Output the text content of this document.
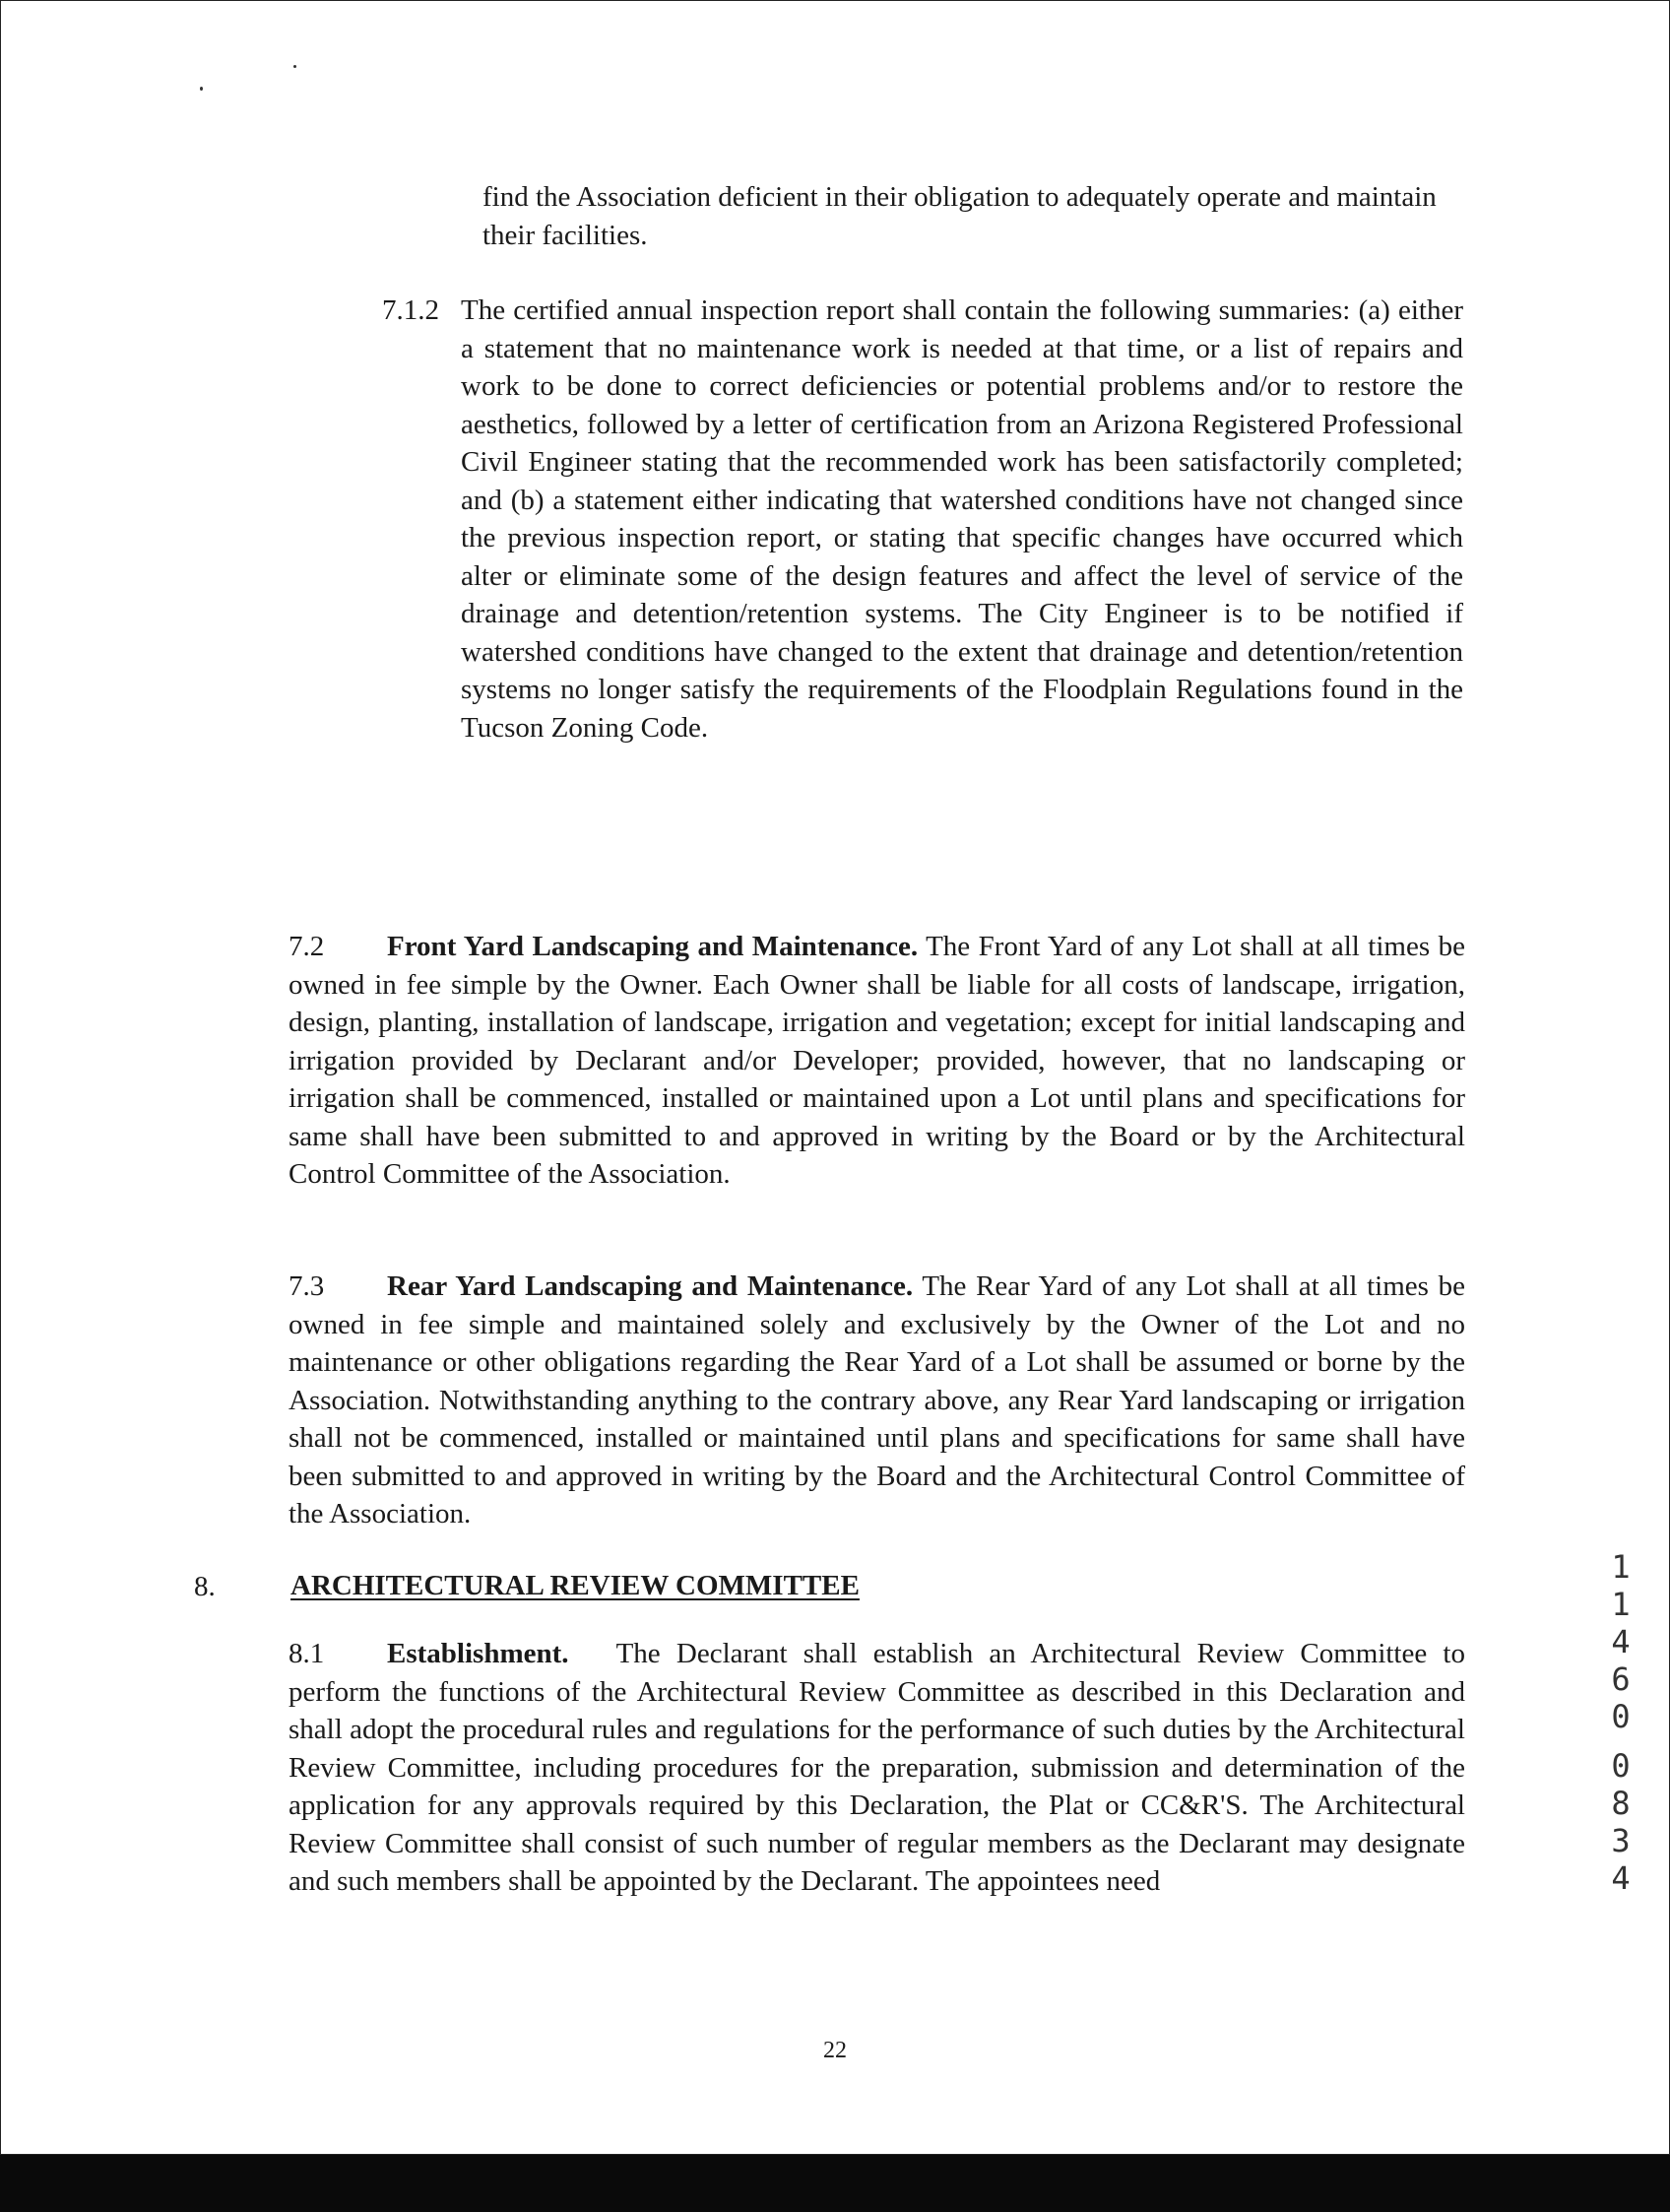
find the Association deficient in their obligation to adequately operate and maintain their facilities.

7.1.2 The certified annual inspection report shall contain the following summaries: (a) either a statement that no maintenance work is needed at that time, or a list of repairs and work to be done to correct deficiencies or potential problems and/or to restore the aesthetics, followed by a letter of certification from an Arizona Registered Professional Civil Engineer stating that the recommended work has been satisfactorily completed; and (b) a statement either indicating that watershed conditions have not changed since the previous inspection report, or stating that specific changes have occurred which alter or eliminate some of the design features and affect the level of service of the drainage and detention/retention systems. The City Engineer is to be notified if watershed conditions have changed to the extent that drainage and detention/retention systems no longer satisfy the requirements of the Floodplain Regulations found in the Tucson Zoning Code.

7.2 Front Yard Landscaping and Maintenance. The Front Yard of any Lot shall at all times be owned in fee simple by the Owner. Each Owner shall be liable for all costs of landscape, irrigation, design, planting, installation of landscape, irrigation and vegetation; except for initial landscaping and irrigation provided by Declarant and/or Developer; provided, however, that no landscaping or irrigation shall be commenced, installed or maintained upon a Lot until plans and specifications for same shall have been submitted to and approved in writing by the Board or by the Architectural Control Committee of the Association.

7.3 Rear Yard Landscaping and Maintenance. The Rear Yard of any Lot shall at all times be owned in fee simple and maintained solely and exclusively by the Owner of the Lot and no maintenance or other obligations regarding the Rear Yard of a Lot shall be assumed or borne by the Association. Notwithstanding anything to the contrary above, any Rear Yard landscaping or irrigation shall not be commenced, installed or maintained until plans and specifications for same shall have been submitted to and approved in writing by the Board and the Architectural Control Committee of the Association.

8.	ARCHITECTURAL REVIEW COMMITTEE

8.1 Establishment. The Declarant shall establish an Architectural Review Committee to perform the functions of the Architectural Review Committee as described in this Declaration and shall adopt the procedural rules and regulations for the performance of such duties by the Architectural Review Committee, including procedures for the preparation, submission and determination of the application for any approvals required by this Declaration, the Plat or CC&R'S. The Architectural Review Committee shall consist of such number of regular members as the Declarant may designate and such members shall be appointed by the Declarant. The appointees need

22
1
1
4
6
0
0
8
3
4
